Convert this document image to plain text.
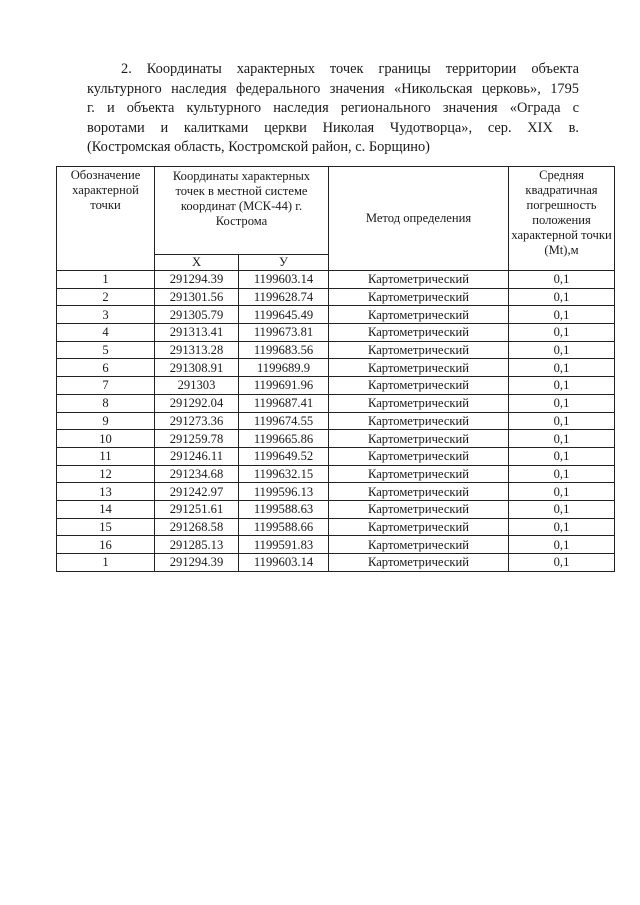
2. Координаты характерных точек границы территории объекта
культурного наследия федерального значения «Никольская церковь», 1795
г. и объекта культурного наследия регионального значения «Ограда с
воротами и калитками церкви Николая Чудотворца», сер. XIX в.
(Костромская область, Костромской район, с. Борщино)
Обозначение характерной точки	Координаты характерных точек в местной системе координат (МСК-44) г. Кострома		Метод определения	Средняя квадратичная погрешность положения характерной точки (Mt),м

	Х	У		
1	291294.39	1199603.14	Картометрический	0,1
2	291301.56	1199628.74	Картометрический	0,1
3	291305.79	1199645.49	Картометрический	0,1
4	291313.41	1199673.81	Картометрический	0,1
5	291313.28	1199683.56	Картометрический	0,1
6	291308.91	1199689.9	Картометрический	0,1
7	291303	1199691.96	Картометрический	0,1
8	291292.04	1199687.41	Картометрический	0,1
9	291273.36	1199674.55	Картометрический	0,1
10	291259.78	1199665.86	Картометрический	0,1
11	291246.11	1199649.52	Картометрический	0,1
12	291234.68	1199632.15	Картометрический	0,1
13	291242.97	1199596.13	Картометрический	0,1
14	291251.61	1199588.63	Картометрический	0,1
15	291268.58	1199588.66	Картометрический	0,1
16	291285.13	1199591.83	Картометрический	0,1
1	291294.39	1199603.14	Картометрический	0,1
